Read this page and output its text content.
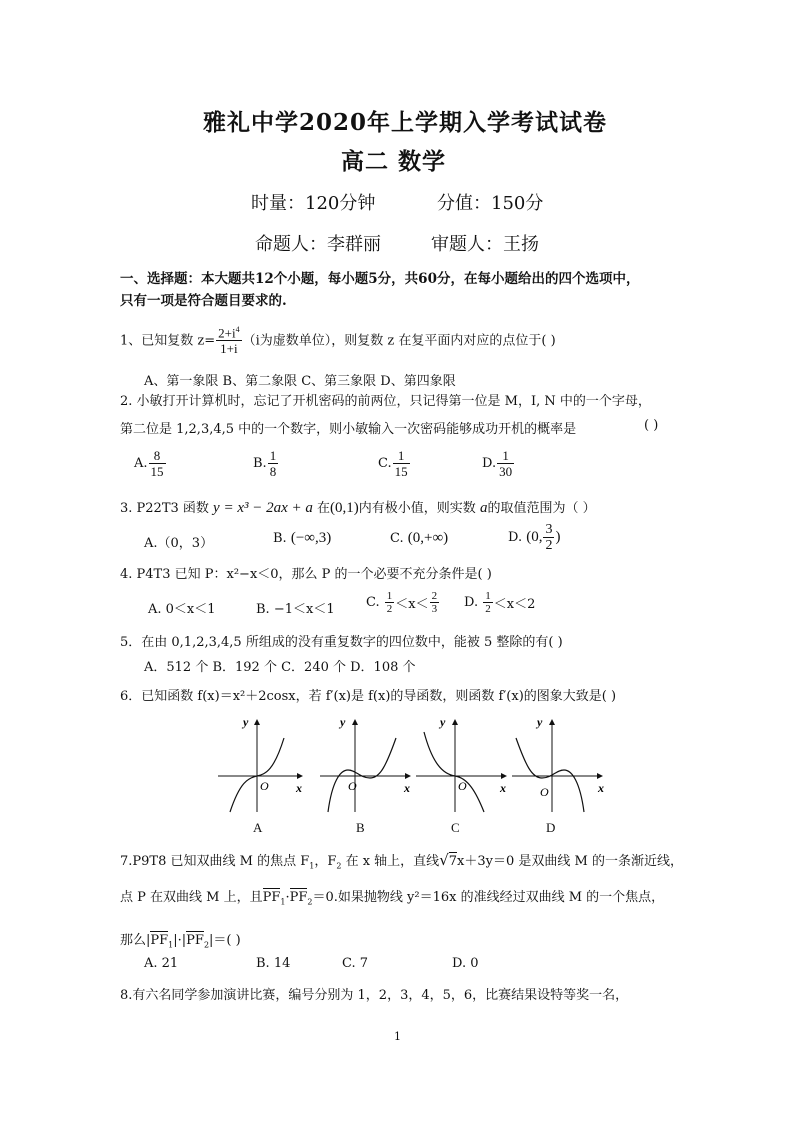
雅礼中学2020年上学期入学考试试卷
高二 数学
时量：120分钟	分值：150分
命题人：李群丽	审题人：王扬
一、选择题：本大题共12个小题，每小题5分，共60分，在每小题给出的四个选项中，
只有一项是符合题目要求的.
1、已知复数 $z= \frac{2+i^4}{1+i} (i$为虚数单位），则复数 z 在复平面内对应的点位于( )
A、第一象限 B、第二象限 C、第三象限 D、第四象限
2. 小敏打开计算机时，忘记了开机密码的前两位，只记得第一位是 M，I, N 中的一个字母，
第二位是 1,2,3,4,5 中的一个数字，则小敏输入一次密码能够成功开机的概率是	( )
A. $\frac{8}{15}$	B. $\frac{1}{8}$	C. $\frac{1}{15}$	D. $\frac{1}{30}$
3. P22T3 函数 y = x³ − 2ax + a 在(0,1)内有极小值，则实数 a的取值范围为（ ）
A.（0，3）	B. (−∞,3)	C. (0,+∞)	D. (0, $\frac{3}{2}$ )
4. P4T3 已知 P：x²−x＜0，那么 P 的一个必要不充分条件是( )
A. 0＜x＜1	B. −1＜x＜1 C. $\frac{1}{2} <x< \frac{2}{3} D$. $\frac{1}{2} <x<2$
5．在由 0,1,2,3,4,5 所组成的没有重复数字的四位数中，能被 5 整除的有( )
A．512 个 B．192 个 C．240 个 D．108 个
6．已知函数 f(x)＝x²＋2cosx，若 f′(x)是 f(x)的导函数，则函数 f′(x)的图象大致是( )
y
x
O
y
x
O
y
x
O
y
x
O
A	B	C	D
7.P9T8 已知双曲线 M 的焦点 $F_1$，$F_2$ 在 x 轴上，直线√7x＋3y＝0 是双曲线 M 的一条渐近线，
点 P 在双曲线 M 上，且$PF_1\cdot PF_2=0$.如果抛物线 y²＝16x 的准线经过双曲线 M 的一个焦点，
那么$|PF_1|\cdot|PF_2|=$( )
A. 21	B. 14	C. 7	D. 0
8.有六名同学参加演讲比赛，编号分别为 1，2，3，4，5，6，比赛结果设特等奖一名，
1
